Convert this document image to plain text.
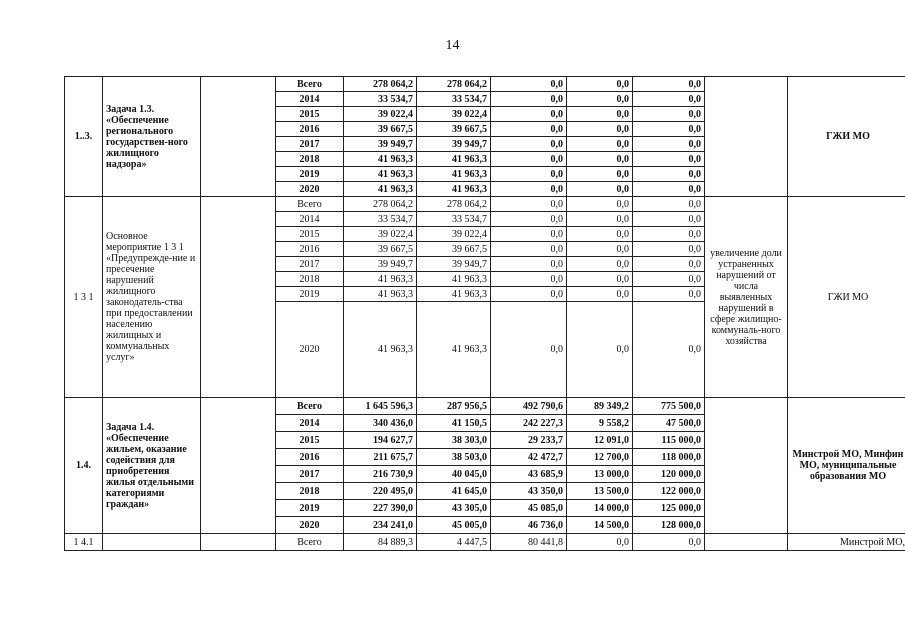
14
1..3.	Задача 1.3. «Обеспечение регионального государствен-ного жилищного надзора»		Всего	278 064,2	278 064,2	0,0	0,0	0,0		ГЖИ МО
			2014	33 534,7	33 534,7	0,0	0,0	0,0		
			2015	39 022,4	39 022,4	0,0	0,0	0,0		
			2016	39 667,5	39 667,5	0,0	0,0	0,0		
			2017	39 949,7	39 949,7	0,0	0,0	0,0		
			2018	41 963,3	41 963,3	0,0	0,0	0,0		
			2019	41 963,3	41 963,3	0,0	0,0	0,0		
			2020	41 963,3	41 963,3	0,0	0,0	0,0		
1 3 1	Основное мероприятие 1 3 1 «Предупрежде-ние и пресечение нарушений жилищного законодатель-ства при предоставлении населению жилищных и коммунальных услуг»		Всего	278 064,2	278 064,2	0,0	0,0	0,0	увеличение доли устраненных нарушений от числа выявленных нарушений в сфере жилищно-коммуналь-ного хозяйства	ГЖИ МО
			2014	33 534,7	33 534,7	0,0	0,0	0,0		
			2015	39 022,4	39 022,4	0,0	0,0	0,0		
			2016	39 667,5	39 667,5	0,0	0,0	0,0		
			2017	39 949,7	39 949,7	0,0	0,0	0,0		
			2018	41 963,3	41 963,3	0,0	0,0	0,0		
			2019	41 963,3	41 963,3	0,0	0,0	0,0		
			2020	41 963,3	41 963,3	0,0	0,0	0,0		
1.4.	Задача 1.4. «Обеспечение жильем, оказание содействия для приобретения жилья отдельными категориями граждан»		Всего	1 645 596,3	287 956,5	492 790,6	89 349,2	775 500,0		Минстрой МО, Минфин МО, муниципальные образования МО
			2014	340 436,0	41 150,5	242 227,3	9 558,2	47 500,0		
			2015	194 627,7	38 303,0	29 233,7	12 091,0	115 000,0		
			2016	211 675,7	38 503,0	42 472,7	12 700,0	118 000,0		
			2017	216 730,9	40 045,0	43 685,9	13 000,0	120 000,0		
			2018	220 495,0	41 645,0	43 350,0	13 500,0	122 000,0		
			2019	227 390,0	43 305,0	45 085,0	14 000,0	125 000,0		
			2020	234 241,0	45 005,0	46 736,0	14 500,0	128 000,0		
1 4.1			Всего	84 889,3	4 447,5	80 441,8	0,0	0,0		Минстрой МО,
